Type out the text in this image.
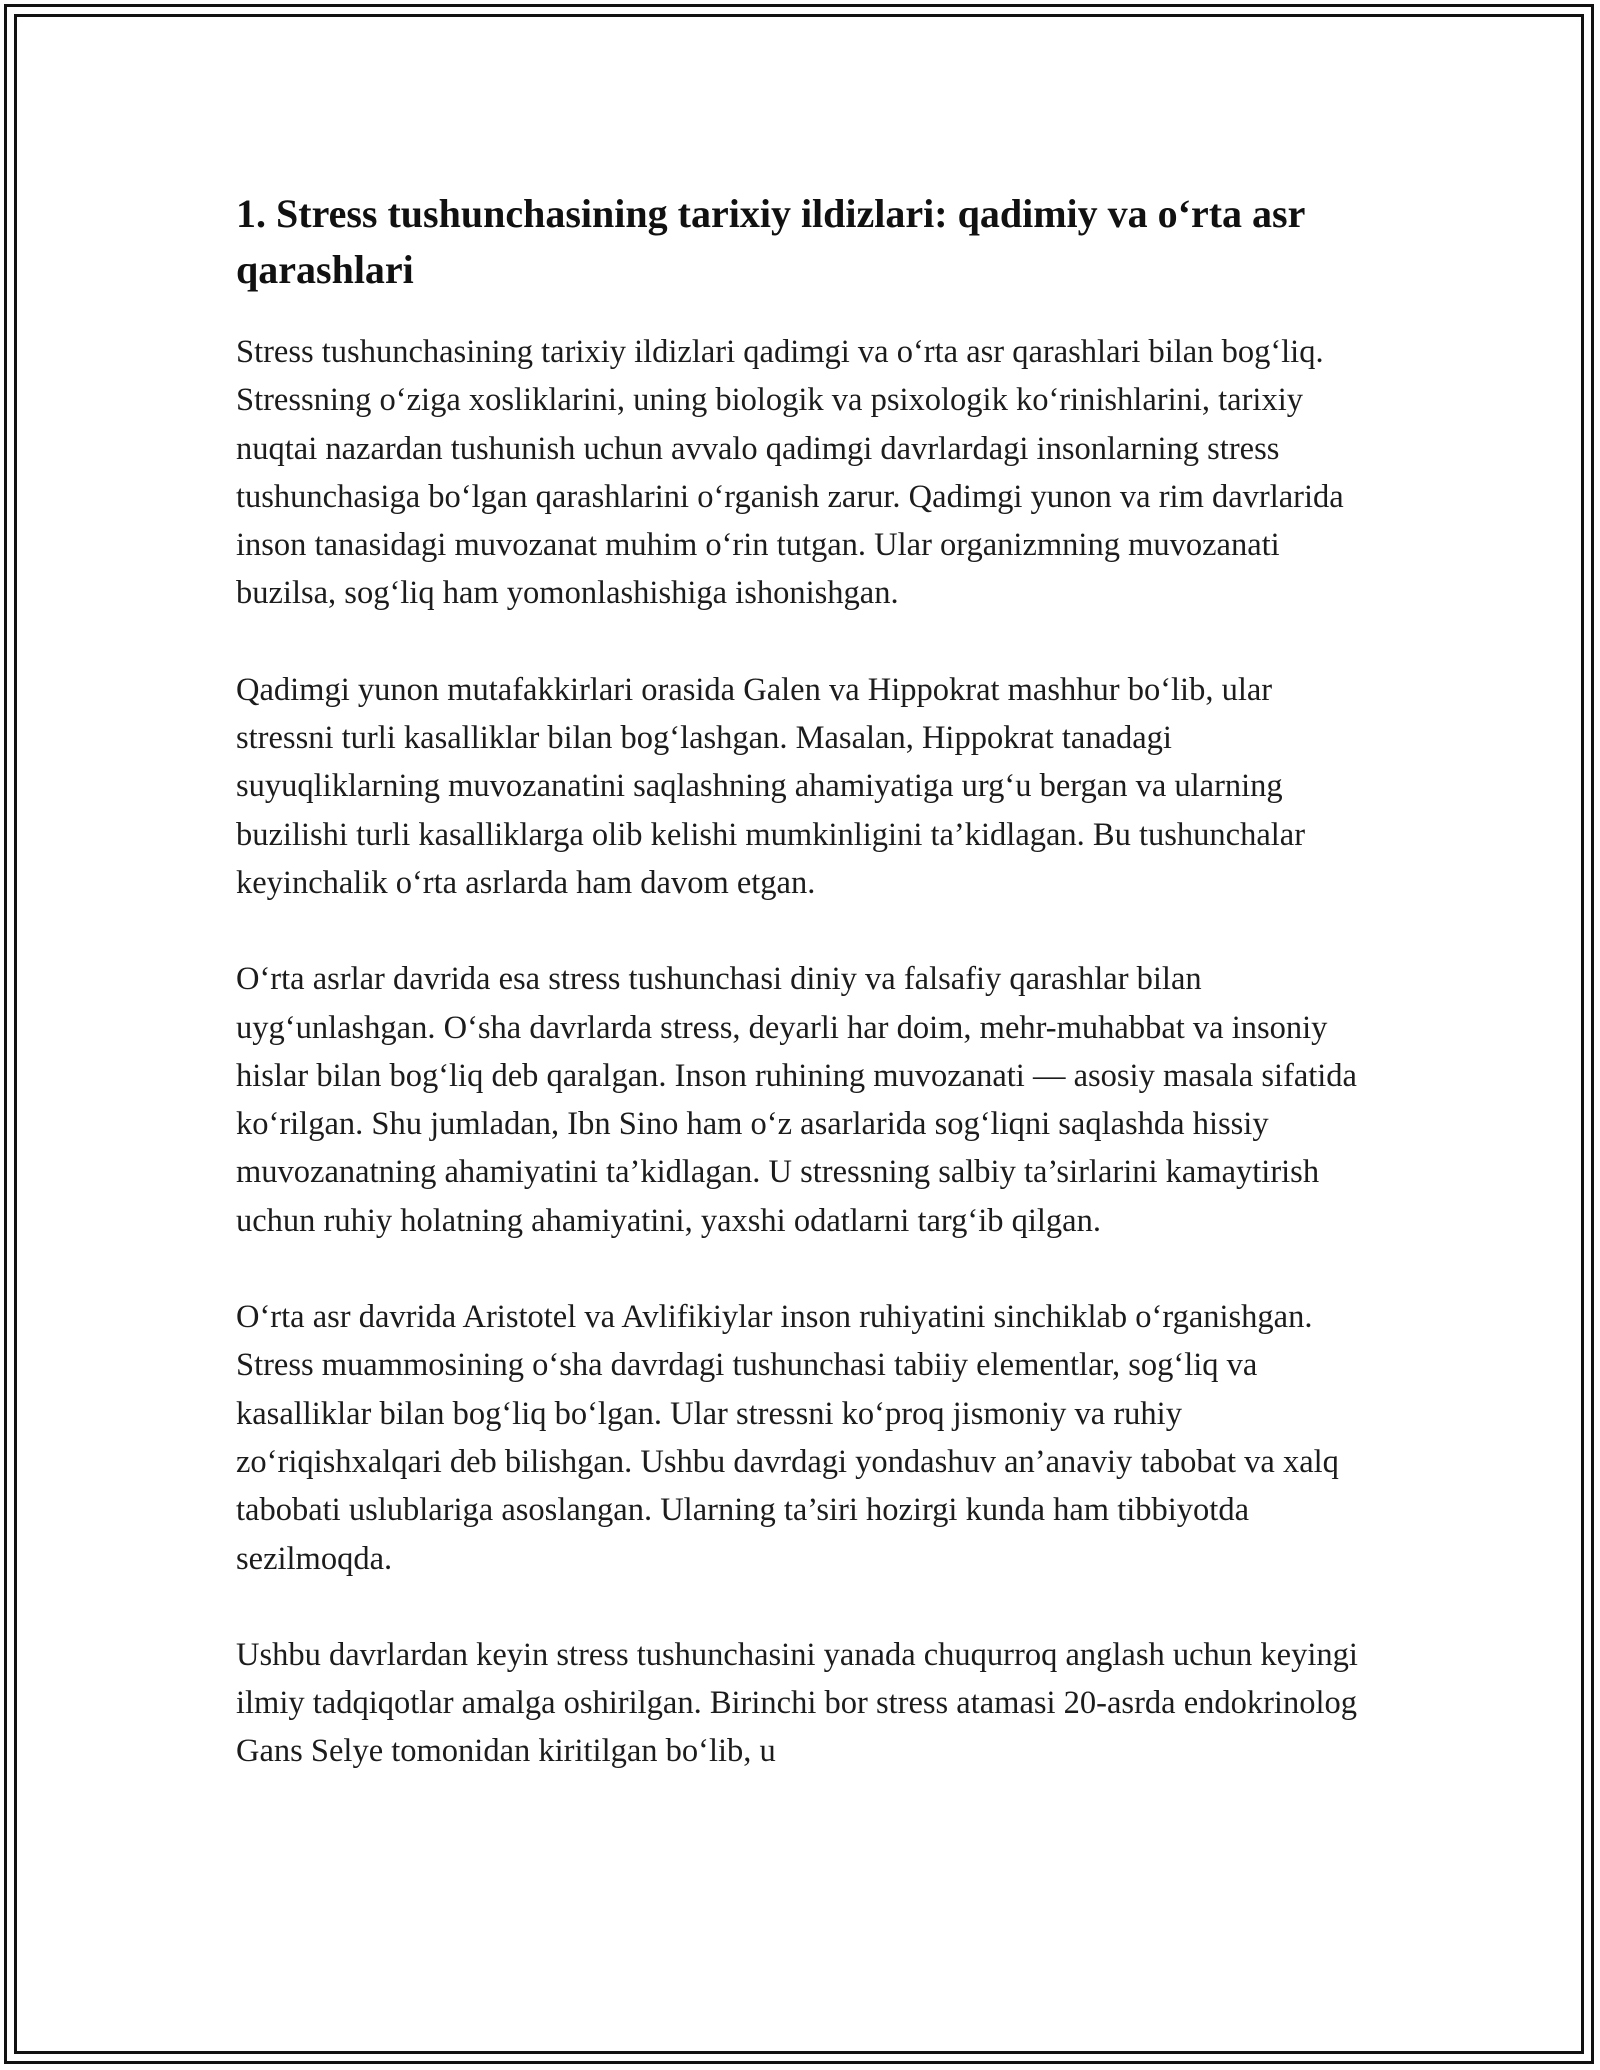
1. Stress tushunchasining tarixiy ildizlari: qadimiy va o‘rta asr qarashlari

Stress tushunchasining tarixiy ildizlari qadimgi va o‘rta asr qarashlari bilan bog‘liq. Stressning o‘ziga xosliklarini, uning biologik va psixologik ko‘rinishlarini, tarixiy nuqtai nazardan tushunish uchun avvalo qadimgi davrlardagi insonlarning stress tushunchasiga bo‘lgan qarashlarini o‘rganish zarur. Qadimgi yunon va rim davrlarida inson tanasidagi muvozanat muhim o‘rin tutgan. Ular organizmning muvozanati buzilsa, sog‘liq ham yomonlashishiga ishonishgan.

Qadimgi yunon mutafakkirlari orasida Galen va Hippokrat mashhur bo‘lib, ular stressni turli kasalliklar bilan bog‘lashgan. Masalan, Hippokrat tanadagi suyuqliklarning muvozanatini saqlashning ahamiyatiga urg‘u bergan va ularning buzilishi turli kasalliklarga olib kelishi mumkinligini ta’kidlagan. Bu tushunchalar keyinchalik o‘rta asrlarda ham davom etgan.

O‘rta asrlar davrida esa stress tushunchasi diniy va falsafiy qarashlar bilan uyg‘unlashgan. O‘sha davrlarda stress, deyarli har doim, mehr-muhabbat va insoniy hislar bilan bog‘liq deb qaralgan. Inson ruhining muvozanati — asosiy masala sifatida ko‘rilgan. Shu jumladan, Ibn Sino ham o‘z asarlarida sog‘liqni saqlashda hissiy muvozanatning ahamiyatini ta’kidlagan. U stressning salbiy ta’sirlarini kamaytirish uchun ruhiy holatning ahamiyatini, yaxshi odatlarni targ‘ib qilgan.

O‘rta asr davrida Aristotel va Avlifikiylar inson ruhiyatini sinchiklab o‘rganishgan. Stress muammosining o‘sha davrdagi tushunchasi tabiiy elementlar, sog‘liq va kasalliklar bilan bog‘liq bo‘lgan. Ular stressni ko‘proq jismoniy va ruhiy zo‘riqishxalqari deb bilishgan. Ushbu davrdagi yondashuv an’anaviy tabobat va xalq tabobati uslublariga asoslangan. Ularning ta’siri hozirgi kunda ham tibbiyotda sezilmoqda.

Ushbu davrlardan keyin stress tushunchasini yanada chuqurroq anglash uchun keyingi ilmiy tadqiqotlar amalga oshirilgan. Birinchi bor stress atamasi 20-asrda endokrinolog Gans Selye tomonidan kiritilgan bo‘lib, u
